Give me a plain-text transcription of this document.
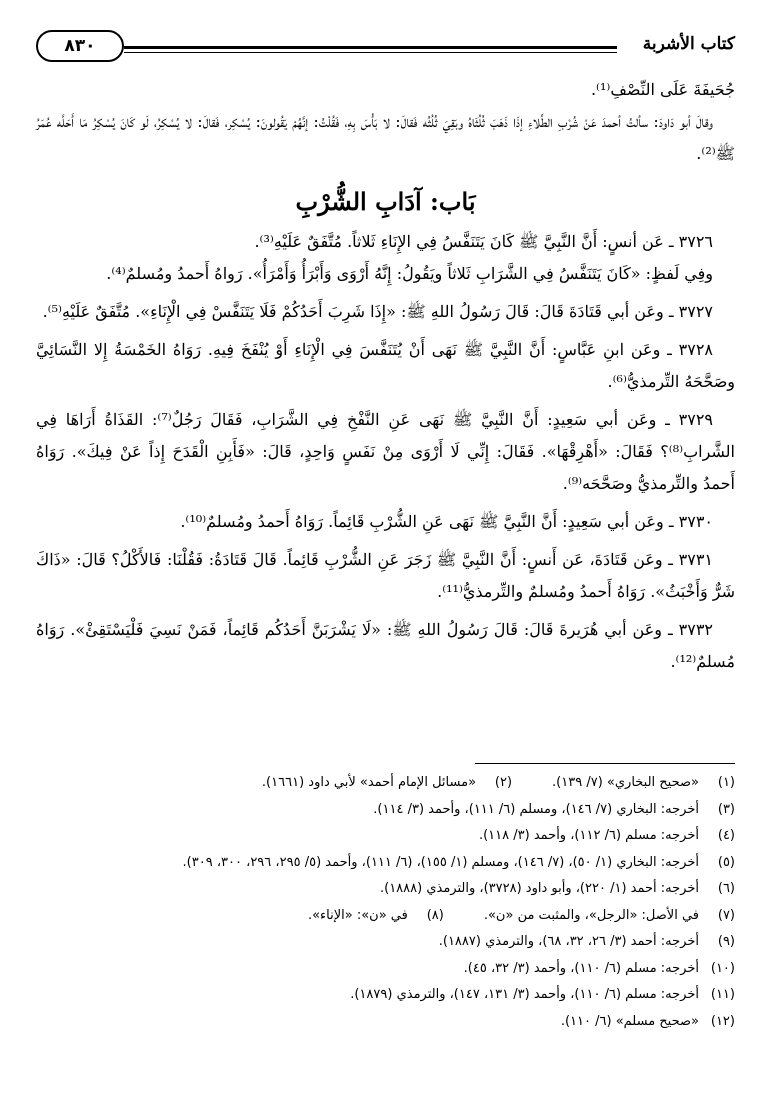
كتاب الأشربة
٨٣٠

جُحَيفَةَ عَلَى النِّصْفِ⁽¹⁾.

وقالَ أبو دَاودَ: سألتُ أحمدَ عَنْ شُرْبِ الطِّلاءِ إذَا ذَهَبَ ثُلُثَاهُ وبَقِيَ ثُلُثُه فَقالَ: لا بَأْسَ بِهِ، فَقُلْتُ: إنَّهُمْ يَقُولونَ: يُسْكِر، فَقالَ: لا يُسْكِرُ، لَو كَانَ يُسْكِرُ مَا أَحَلَّه عُمَرُ ﷺ⁽²⁾.

بَاب: آدَابِ الشُّرْبِ

٣٧٢٦ ـ عَن أنسٍ: أَنَّ النَّبِيَّ ﷺ كَانَ يَتَنَفَّسُ فِي الإِنَاءِ ثَلاثاً. مُتَّفَقٌ عَلَيْهِ⁽³⁾.

وفِي لَفظٍ: «كَانَ يَتَنَفَّسُ فِي الشَّرَابِ ثَلاثاً ويَقُولُ: إِنَّهُ أَرْوَى وَأَبْرَأُ وَأَمْرَأُ». رَواهُ أَحمدُ ومُسلمٌ⁽⁴⁾.

٣٧٢٧ ـ وعَن أبي قَتَادَةَ قَالَ: قَالَ رَسُولُ اللهِ ﷺ: «إِذَا شَرِبَ أَحَدُكُمْ فَلَا يَتَنَفَّسْ فِي الْإِنَاءِ». مُتَّفَقٌ عَلَيْهِ⁽⁵⁾.

٣٧٢٨ ـ وعَن ابنِ عَبَّاسٍ: أَنَّ النَّبِيَّ ﷺ نَهَى أَنْ يُتَنَفَّسَ فِي الْإِنَاءِ أَوْ يُنْفَخَ فِيهِ. رَوَاهُ الخَمْسَةُ إِلا النَّسَائِيَّ وصَحَّحَهُ التِّرمذيُّ⁽⁶⁾.

٣٧٢٩ ـ وعَن أبي سَعِيدٍ: أَنَّ النَّبِيَّ ﷺ نَهَى عَنِ النَّفْخِ فِي الشَّرَابِ، فَقَالَ رَجُلٌ⁽⁷⁾: القَذَاةُ أَرَاهَا فِي الشَّرابِ⁽⁸⁾؟ فَقَالَ: «أَهْرِقْهَا». فَقَالَ: إِنِّي لَا أَرْوَى مِنْ نَفَسٍ وَاحِدٍ، قَالَ: «فَأَبِنِ الْقَدَحَ إِذاً عَنْ فِيكَ». رَوَاهُ أَحمدُ والتِّرمذيُّ وصَحَّحَه⁽⁹⁾.

٣٧٣٠ ـ وعَن أبي سَعِيدٍ: أَنَّ النَّبِيَّ ﷺ نَهَى عَنِ الشُّرْبِ قَائِماً. رَوَاهُ أَحمدُ ومُسلمٌ⁽¹⁰⁾.

٣٧٣١ ـ وعَن قَتَادَةَ، عَن أَنسٍ: أَنَّ النَّبِيَّ ﷺ زَجَرَ عَنِ الشُّرْبِ قَائِماً. قَالَ قَتَادَةُ: فَقُلْنَا: فَالأَكْلُ؟ قَالَ: «ذَاكَ شَرٌّ وَأَخْبَثُ». رَوَاهُ أَحمدُ ومُسلمٌ والتِّرمذيُّ⁽¹¹⁾.

٣٧٣٢ ـ وعَن أبي هُرَيرةَ قَالَ: قَالَ رَسُولُ اللهِ ﷺ: «لَا يَشْرَبَنَّ أَحَدُكُم قَائِماً، فَمَنْ نَسِيَ فَلْيَسْتَقِئْ». رَوَاهُ مُسلمٌ⁽¹²⁾.

(١)
«صحيح البخاري» (٧/ ١٣٩).
(٢)
«مسائل الإمام أحمد» لأبي داود (١٦٦١).
(٣)
أخرجه: البخاري (٧/ ١٤٦)، ومسلم (٦/ ١١١)، وأحمد (٣/ ١١٤).
(٤)
أخرجه: مسلم (٦/ ١١٢)، وأحمد (٣/ ١١٨).
(٥)
أخرجه: البخاري (١/ ٥٠)، (٧/ ١٤٦)، ومسلم (١/ ١٥٥)، (٦/ ١١١)، وأحمد (٥/ ٢٩٥، ٢٩٦، ٣٠٠، ٣٠٩).
(٦)
أخرجه: أحمد (١/ ٢٢٠)، وأبو داود (٣٧٢٨)، والترمذي (١٨٨٨).
(٧)
في الأصل: «الرجل»، والمثبت من «ن».
(٨)
في «ن»: «الإناء».
(٩)
أخرجه: أحمد (٣/ ٢٦، ٣٢، ٦٨)، والترمذي (١٨٨٧).
(١٠)
أخرجه: مسلم (٦/ ١١٠)، وأحمد (٣/ ٣٢، ٤٥).
(١١)
أخرجه: مسلم (٦/ ١١٠)، وأحمد (٣/ ١٣١، ١٤٧)، والترمذي (١٨٧٩).
(١٢)
«صحيح مسلم» (٦/ ١١٠).
